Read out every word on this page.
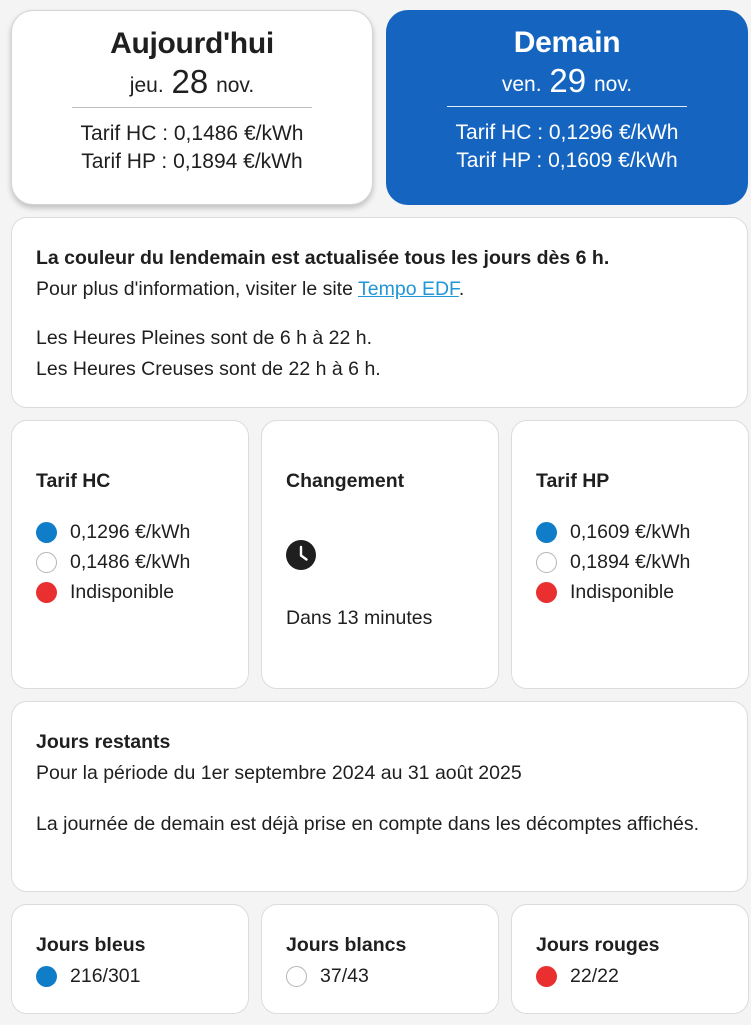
Aujourd'hui
jeu. 28 nov.
Tarif HC : 0,1486 €/kWh
Tarif HP : 0,1894 €/kWh
Demain
ven. 29 nov.
Tarif HC : 0,1296 €/kWh
Tarif HP : 0,1609 €/kWh
La couleur du lendemain est actualisée tous les jours dès 6 h.
Pour plus d'information, visiter le site Tempo EDF.
Les Heures Pleines sont de 6 h à 22 h.
Les Heures Creuses sont de 22 h à 6 h.
Tarif HC
0,1296 €/kWh
0,1486 €/kWh
Indisponible
Changement
Dans 13 minutes
Tarif HP
0,1609 €/kWh
0,1894 €/kWh
Indisponible
Jours restants
Pour la période du 1er septembre 2024 au 31 août 2025
La journée de demain est déjà prise en compte dans les décomptes affichés.
Jours bleus
216/301
Jours blancs
37/43
Jours rouges
22/22
